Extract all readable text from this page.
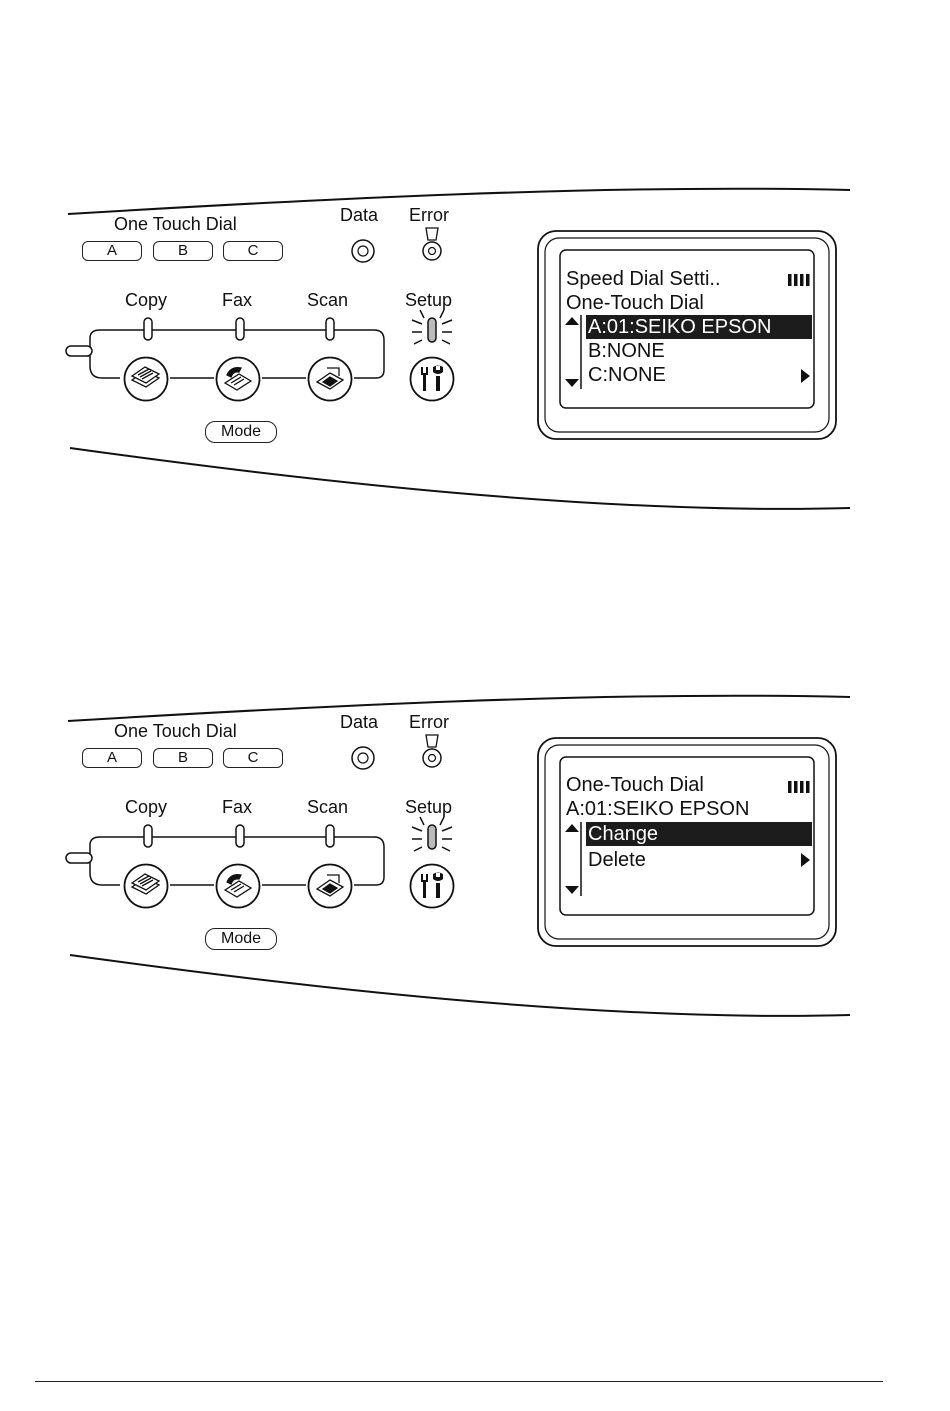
One Touch Dial
A	B	C
Data Error
Copy	Fax	Scan	Setup
Mode
Speed Dial Setti..
One-Touch Dial
A:01:SEIKO EPSON
B:NONE
C:NONE
One Touch Dial
A	B	C
Data Error
Copy	Fax	Scan	Setup
Mode
One-Touch Dial
A:01:SEIKO EPSON
Change
Delete
